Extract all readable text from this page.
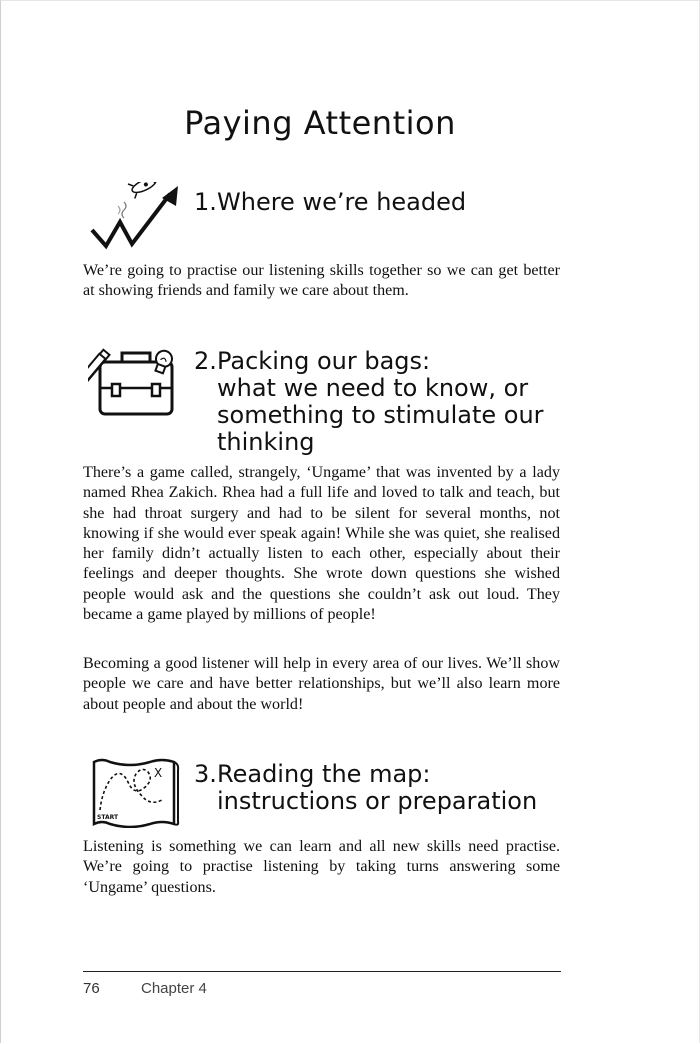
Paying Attention
1. Where we’re headed

We’re going to practise our listening skills together so we can get better at showing friends and family we care about them.

2. Packing our bags:
what we need to know, or
something to stimulate our
thinking

There’s a game called, strangely, ‘Ungame’ that was invented by a lady named Rhea Zakich. Rhea had a full life and loved to talk and teach, but she had throat surgery and had to be silent for several months, not knowing if she would ever speak again! While she was quiet, she realised her family didn’t actually listen to each other, especially about their feelings and deeper thoughts. She wrote down questions she wished people would ask and the questions she couldn’t ask out loud. They became a game played by millions of people!

Becoming a good listener will help in every area of our lives. We’ll show people we care and have better relationships, but we’ll also learn more about people and about the world!

X
START
3. Reading the map:
instructions or preparation

Listening is something we can learn and all new skills need practise. We’re going to practise listening by taking turns answering some ‘Ungame’ questions.

76	Chapter 4
